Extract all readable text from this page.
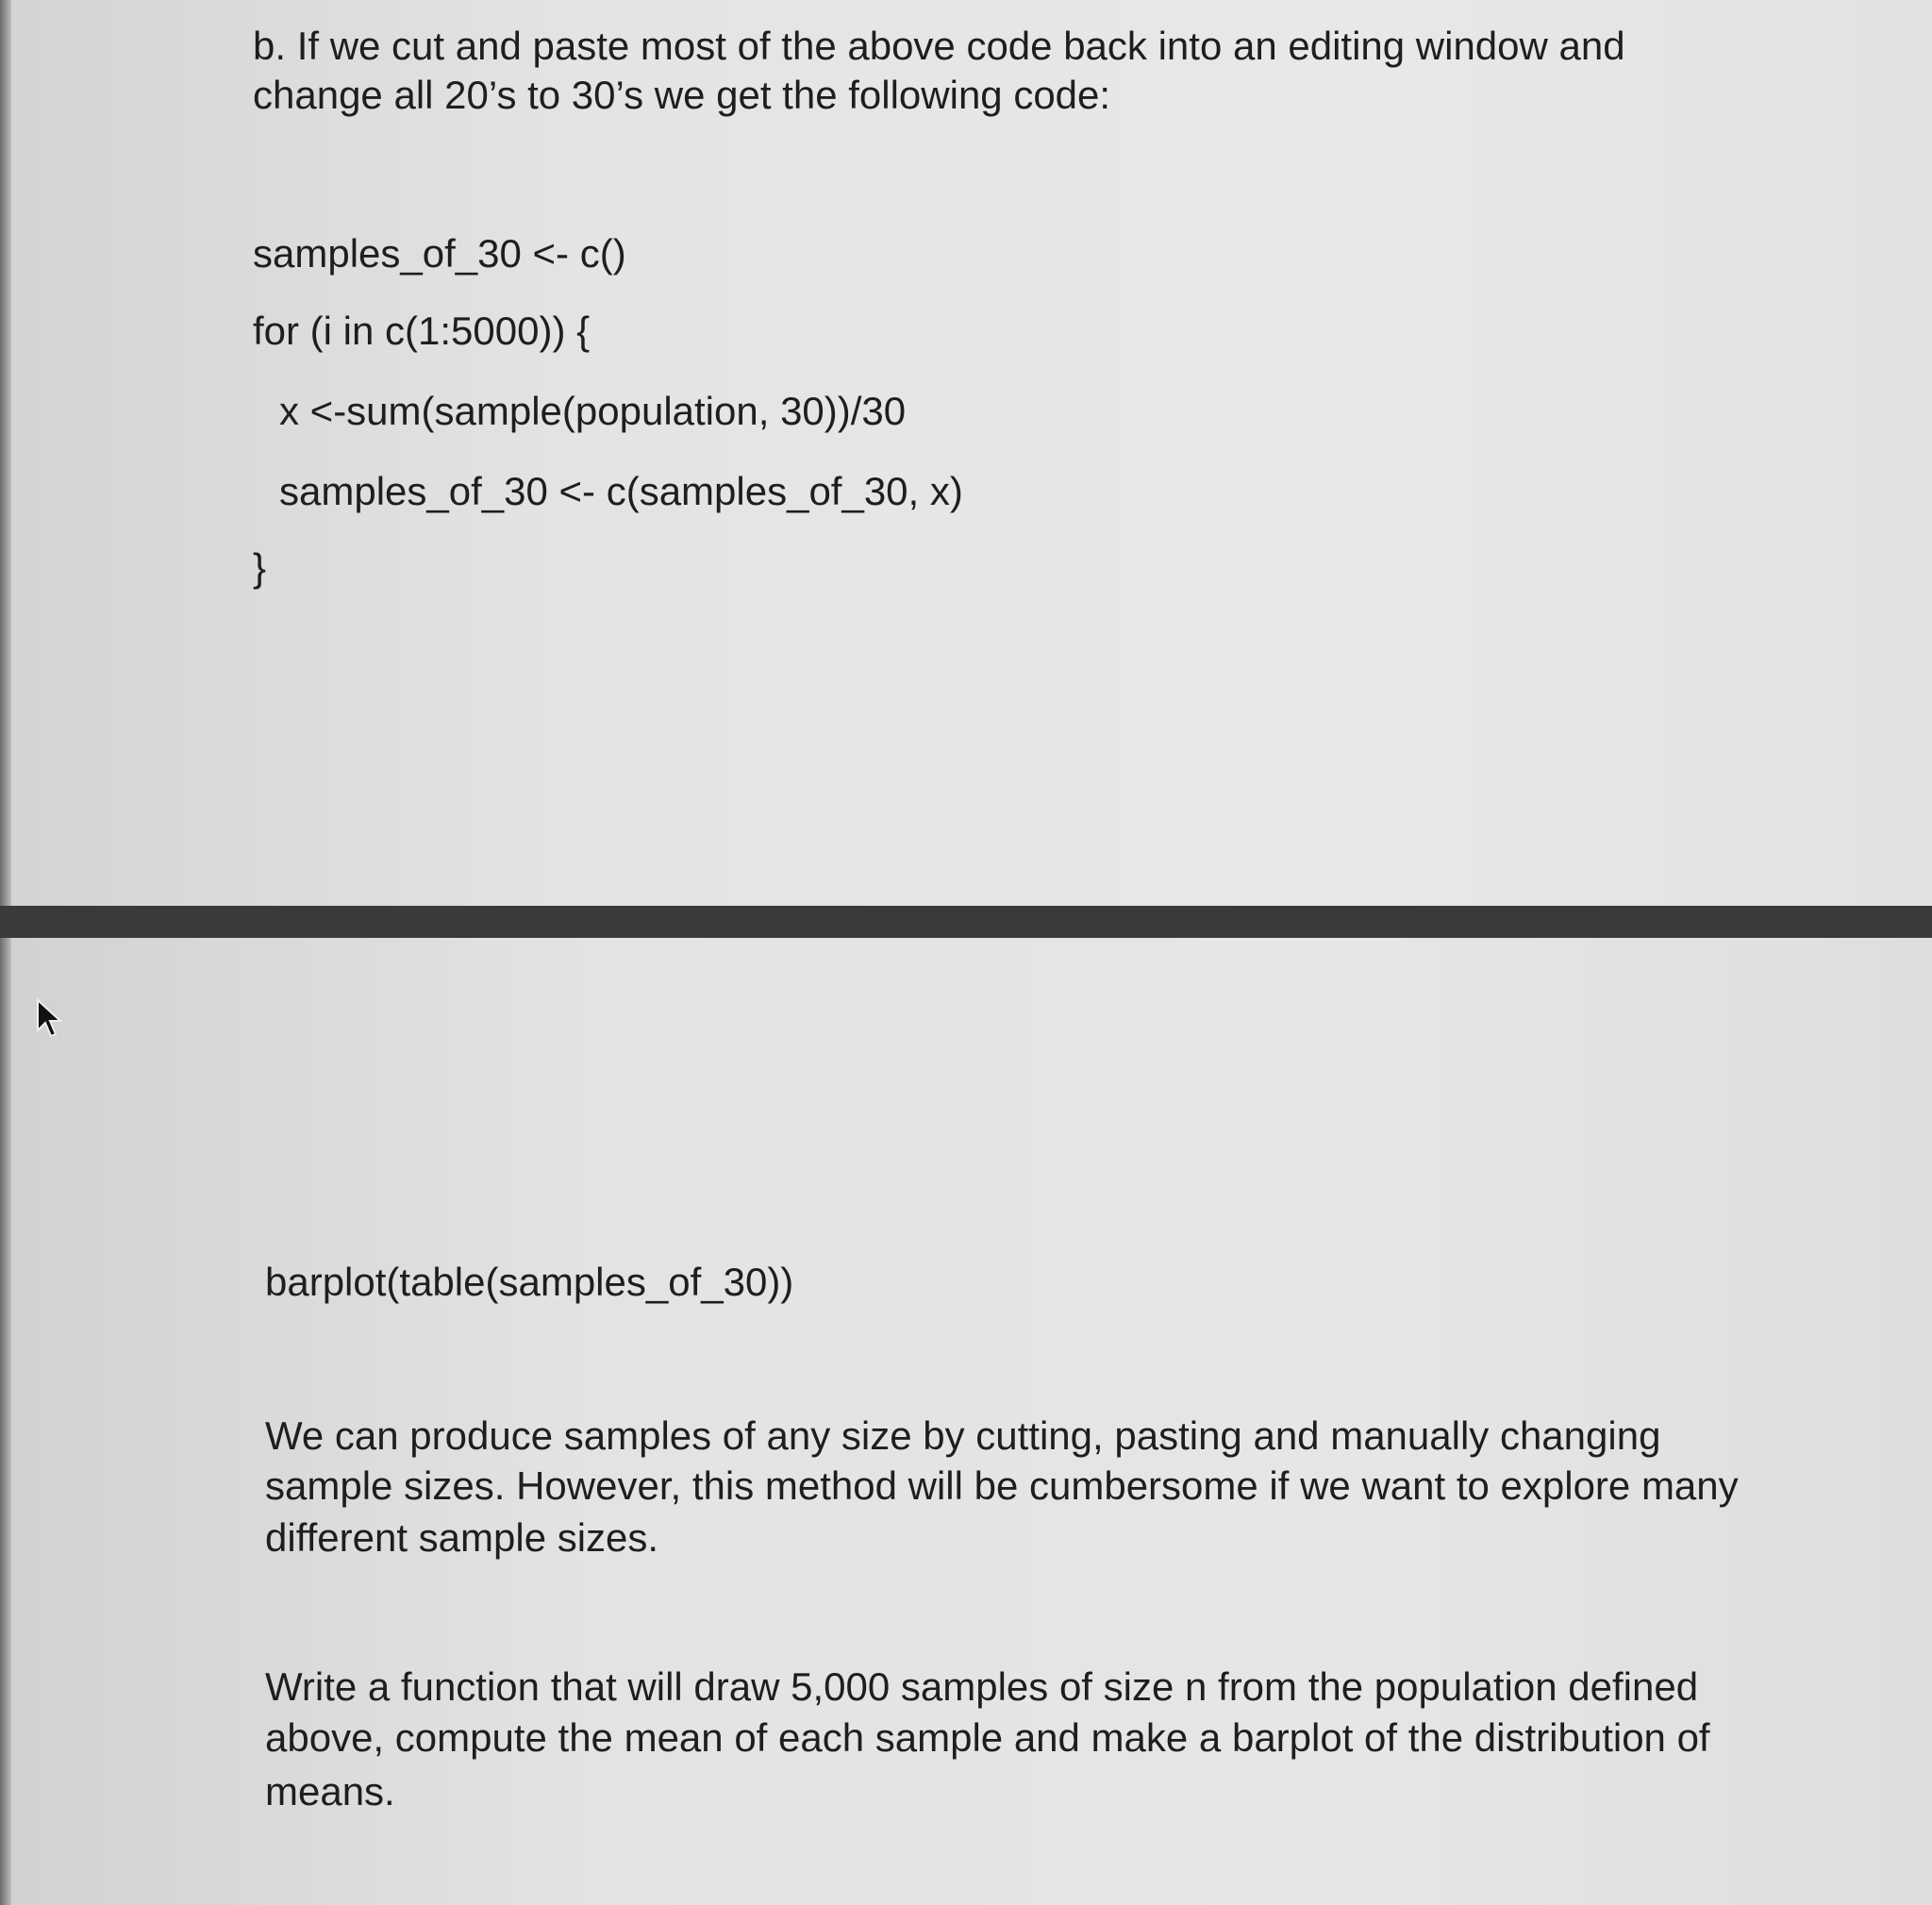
b. If we cut and paste most of the above code back into an editing window and
change all 20’s to 30’s we get the following code:
samples_of_30 <- c()
for (i in c(1:5000)) {
x <-sum(sample(population, 30))/30
samples_of_30 <- c(samples_of_30, x)
}
barplot(table(samples_of_30))
We can produce samples of any size by cutting, pasting and manually changing
sample sizes. However, this method will be cumbersome if we want to explore many
different sample sizes.
Write a function that will draw 5,000 samples of size n from the population defined
above, compute the mean of each sample and make a barplot of the distribution of
means.
